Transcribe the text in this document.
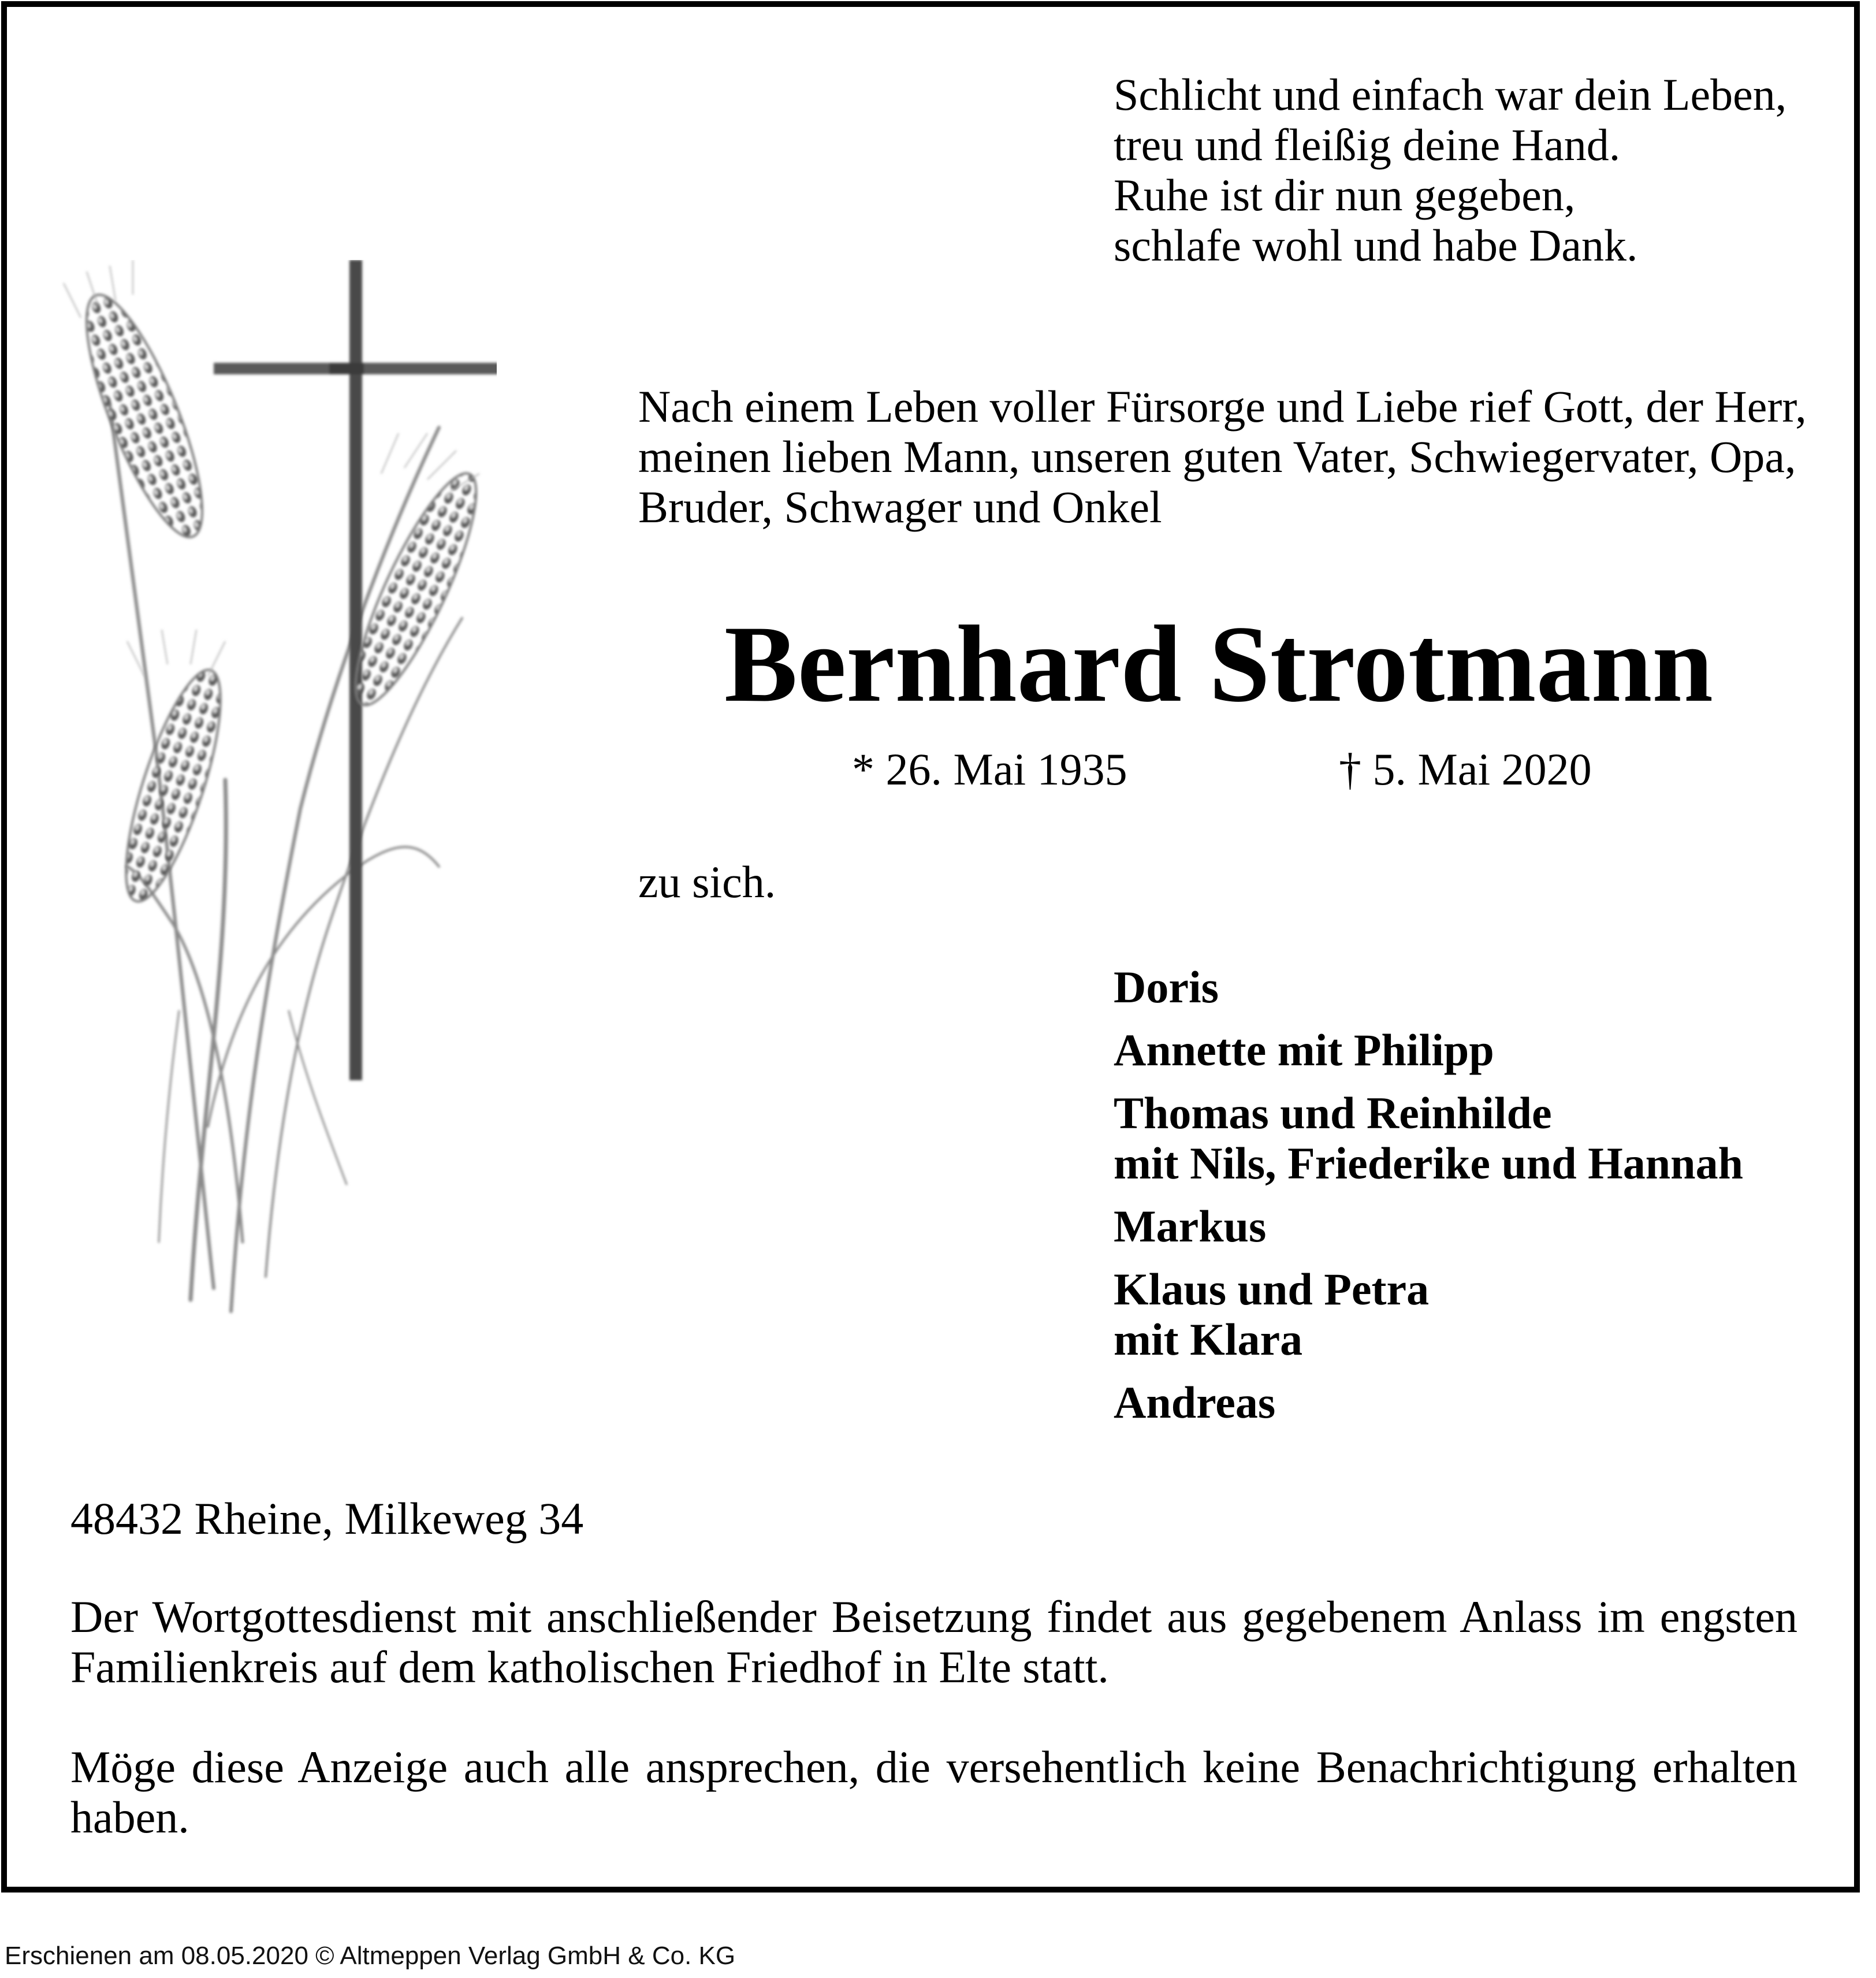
Schlicht und einfach war dein Leben,
treu und fleißig deine Hand.
Ruhe ist dir nun gegeben,
schlafe wohl und habe Dank.
Nach einem Leben voller Fürsorge und Liebe rief Gott, der Herr,
meinen lieben Mann, unseren guten Vater, Schwiegervater, Opa,
Bruder, Schwager und Onkel
Bernhard Strotmann
* 26. Mai 1935	† 5. Mai 2020
zu sich.
Doris
Annette mit Philipp
Thomas und Reinhilde
mit Nils, Friederike und Hannah
Markus
Klaus und Petra
mit Klara
Andreas
48432 Rheine, Milkeweg 34

Der Wortgottesdienst mit anschließender Beisetzung findet aus gegebenem Anlass im engsten Familienkreis auf dem katholischen Friedhof in Elte statt.

Möge diese Anzeige auch alle ansprechen, die versehentlich keine Benachrichtigung erhalten haben.

Erschienen am 08.05.2020 © Altmeppen Verlag GmbH & Co. KG
